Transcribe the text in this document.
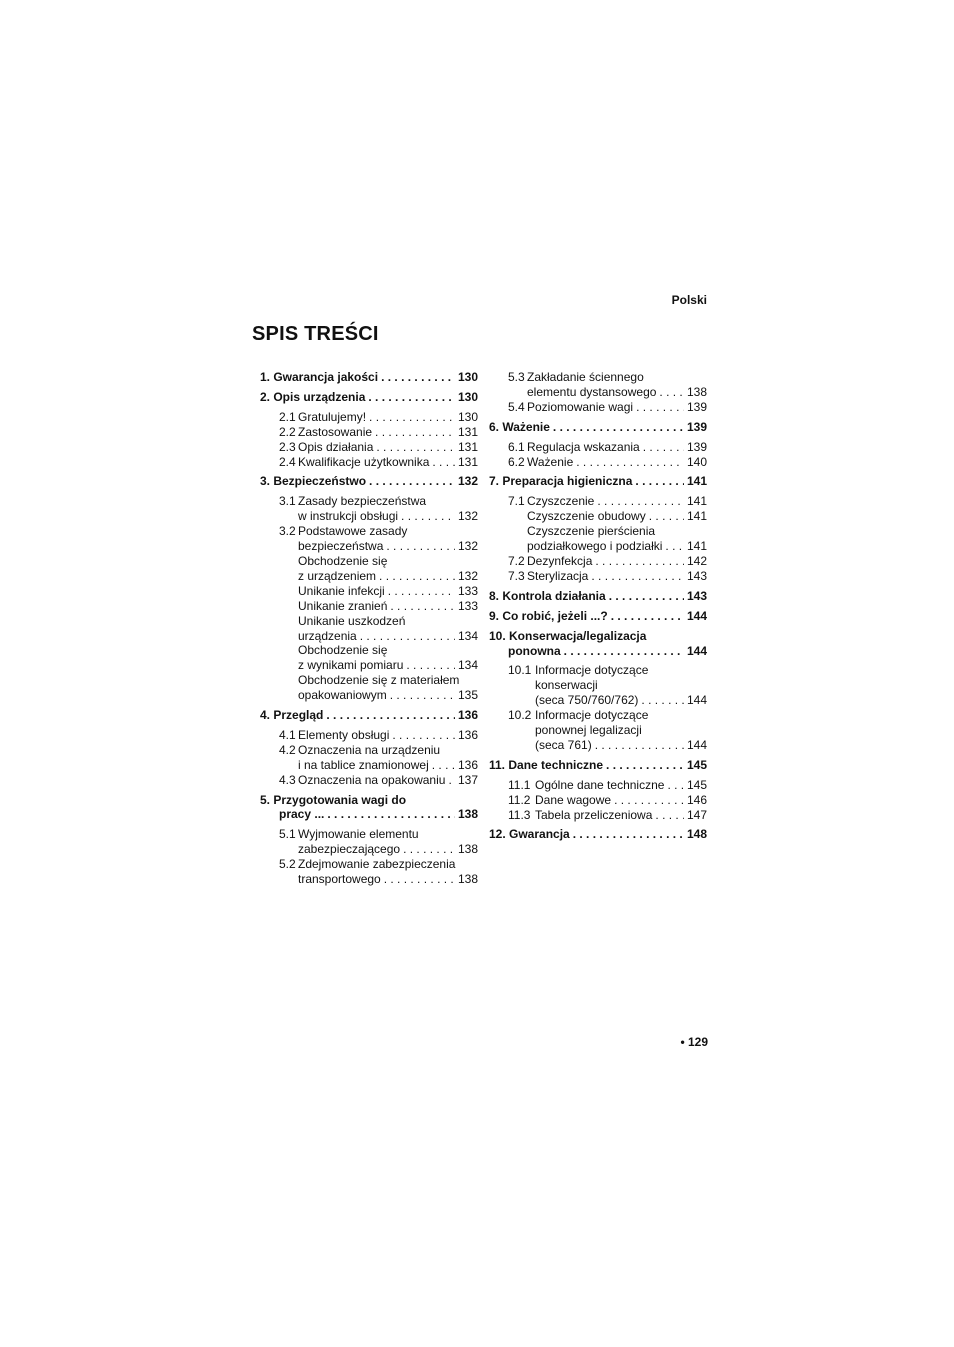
Polski
SPIS TREŚCI
1. Gwarancja jakości . . .	130
2. Opis urządzenia . . .	130
2.1 Gratulujemy! . . .	130
2.2 Zastosowanie . . .	131
2.3 Opis działania . . .	131
2.4 Kwalifikacje użytkownika . . . 131
3. Bezpieczeństwo . . .	132
3.1 Zasady bezpieczeństwa
w instrukcji obsługi . . .	132
3.2 Podstawowe zasady
bezpieczeństwa . . .	132
Obchodzenie się
z urządzeniem . . .	132
Unikanie infekcji . . .	133
Unikanie zranień . . .	133
Unikanie uszkodzeń
urządzenia . . .	134
Obchodzenie się
z wynikami pomiaru . . .	134
Obchodzenie się z materiałem
opakowaniowym . . .	135
4. Przegląd . . .	136
4.1 Elementy obsługi . . .	136
4.2 Oznaczenia na urządzeniu
i na tablice znamionowej . . . 136
4.3 Oznaczenia na opakowaniu . . . 137
5. Przygotowania wagi do
pracy ... . . .	138
5.1 Wyjmowanie elementu
zabezpieczającego . . .	138
5.2 Zdejmowanie zabezpieczenia
transportowego . . .	138
5.3 Zakładanie ściennego
elementu dystansowego . . .	138
5.4 Poziomowanie wagi . . .	139
6. Ważenie . . .	139
6.1 Regulacja wskazania . . .	139
6.2 Ważenie . . .	140
7. Preparacja higieniczna . . .	141
7.1 Czyszczenie . . .	141
Czyszczenie obudowy . . .	141
Czyszczenie pierścienia
podziałkowego i podziałki . . . 141
7.2 Dezynfekcja . . .	142
7.3 Sterylizacja . . .	143
8. Kontrola działania . . .	143
9. Co robić, jeżeli ...? . . .	144
10. Konserwacja/legalizacja
ponowna . . .	144
10.1 Informacje dotyczące
konserwacji
(seca 750/760/762) . . .	144
10.2 Informacje dotyczące
ponownej legalizacji
(seca 761) . . .	144
11. Dane techniczne . . .	145
11.1 Ogólne dane techniczne . . . 145
11.2 Dane wagowe . . .	146
11.3 Tabela przeliczeniowa . . .	147
12. Gwarancja . . .	148
• 129
